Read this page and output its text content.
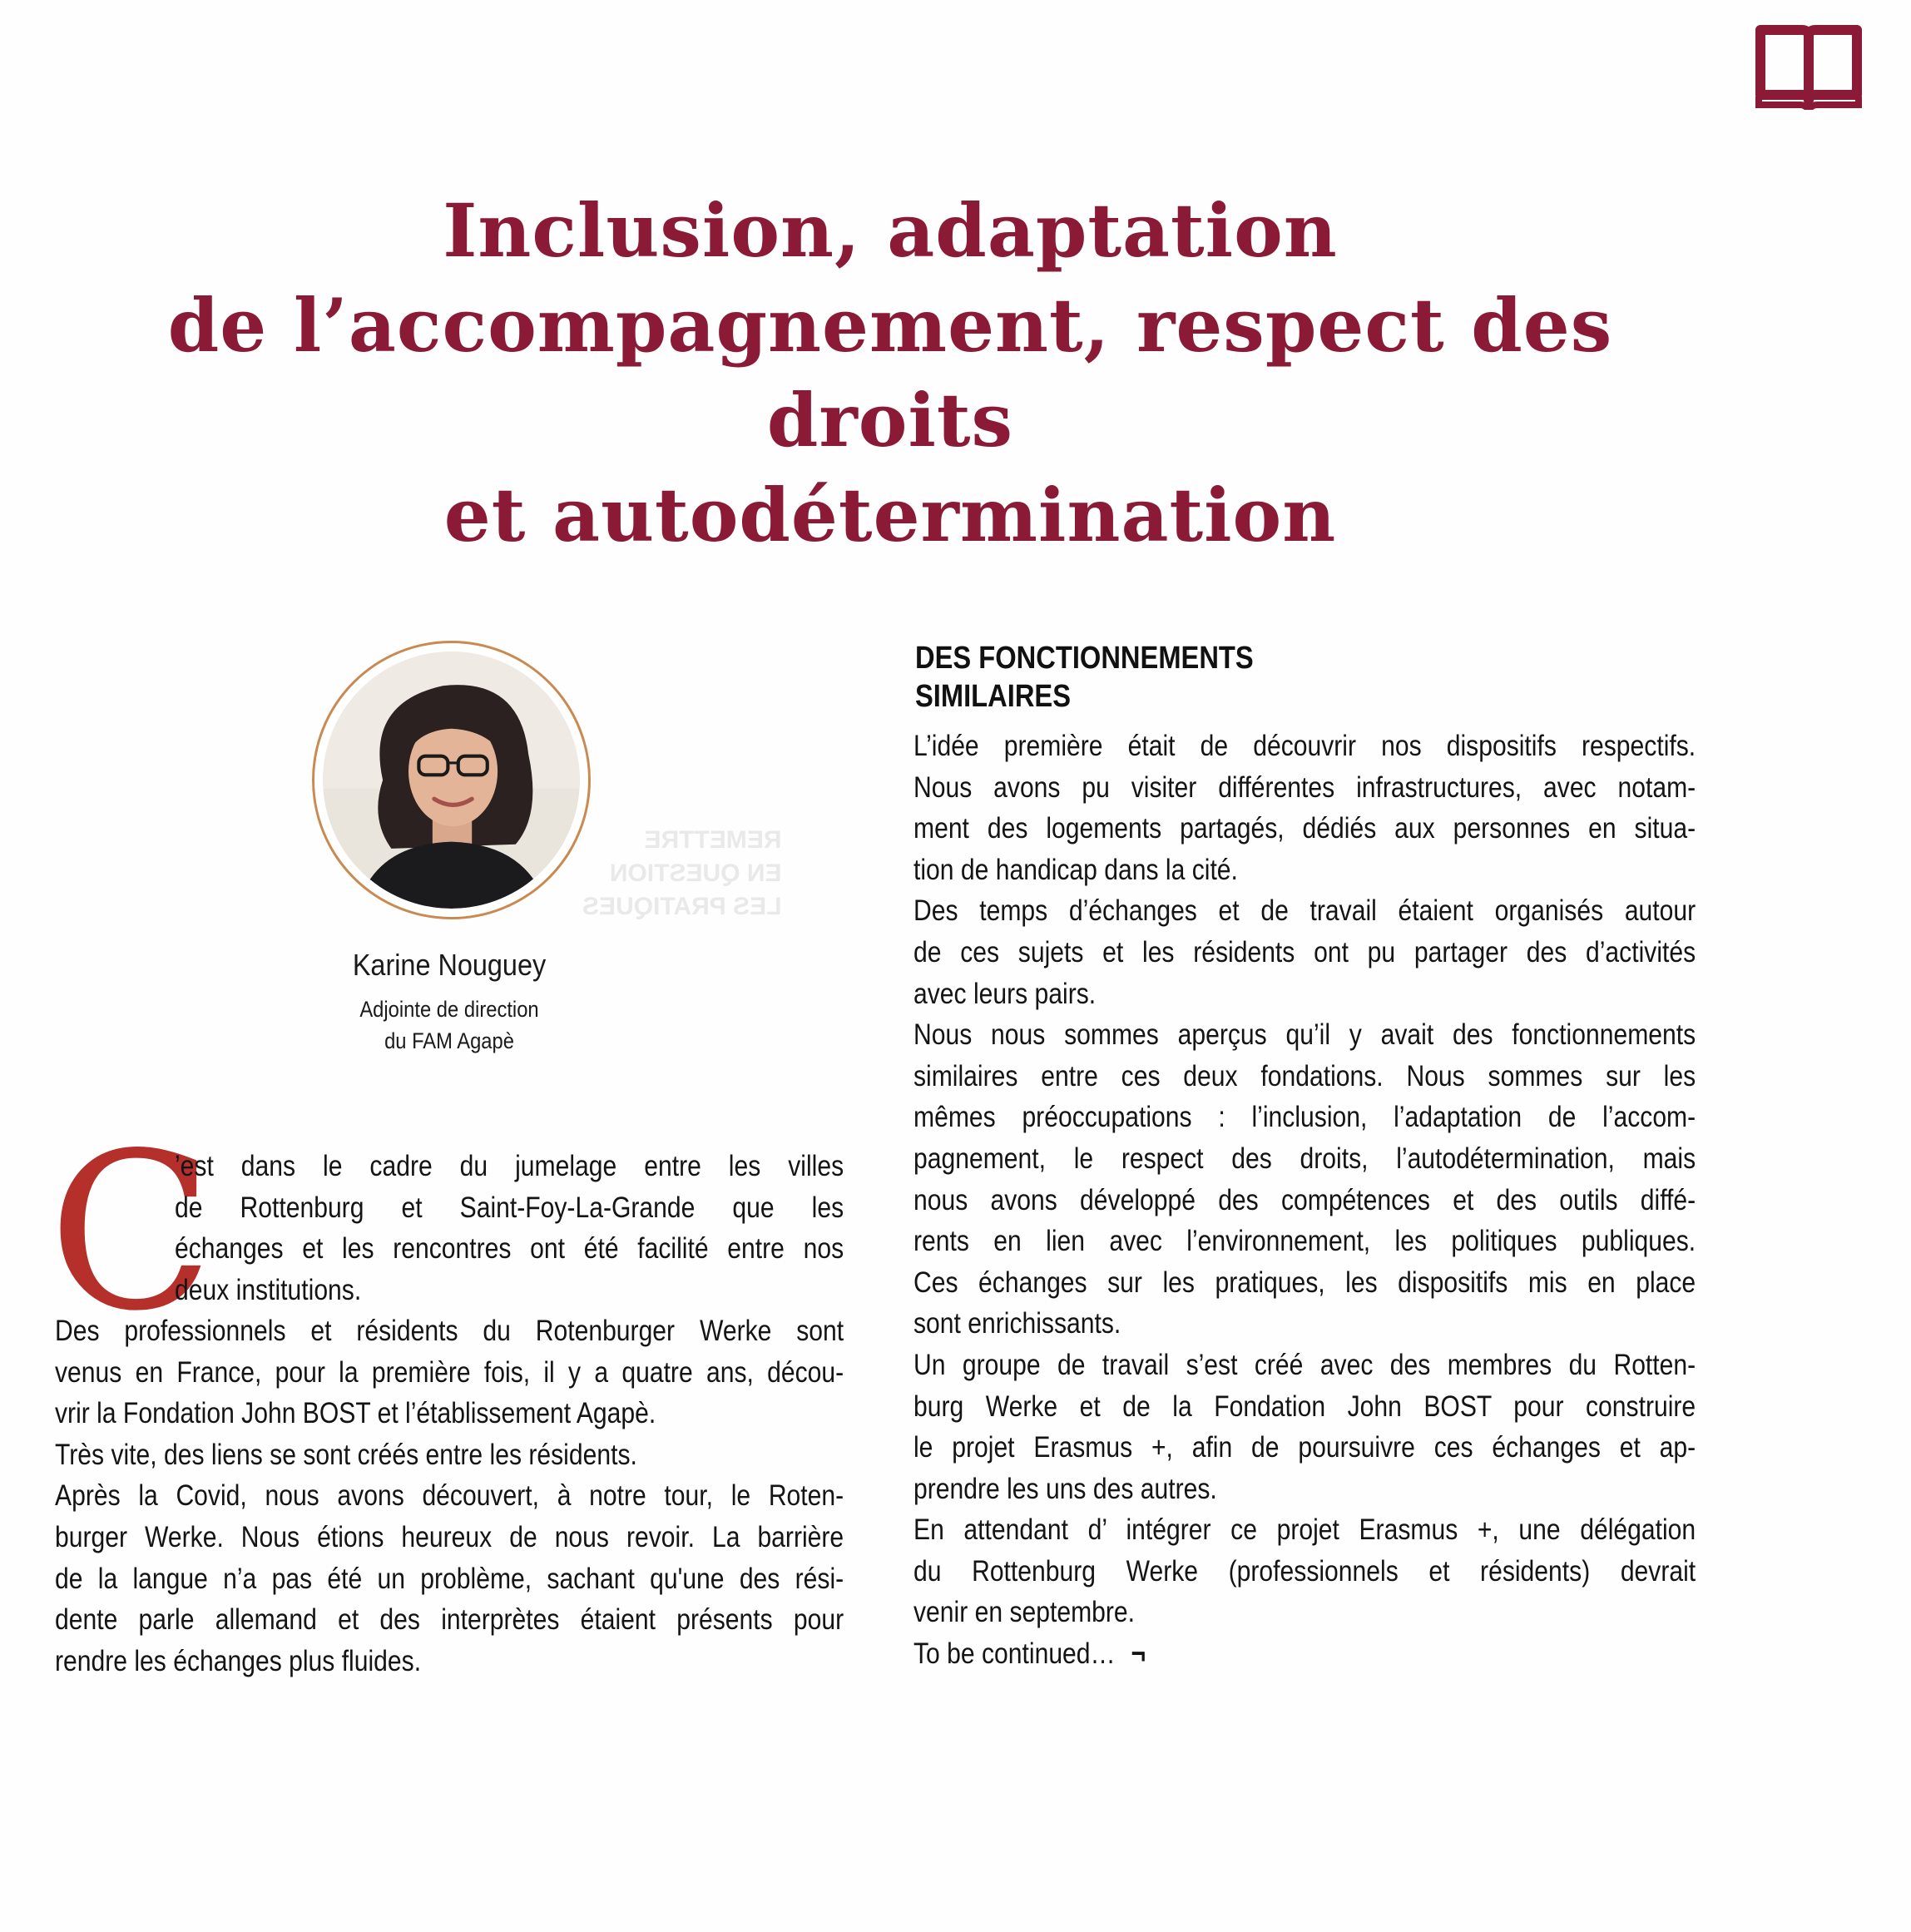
REMETTRE
EN QUESTION
LES PRATIQUES
Inclusion, adaptation
de l’accompagnement, respect des droits
et autodétermination
Karine Nouguey
Adjointe de direction
du FAM Agapè
C
’est dans le cadre du jumelage entre les villes
de Rottenburg et Saint-Foy-La-Grande que les
échanges et les rencontres ont été facilité entre nos
deux institutions.
Des professionnels et résidents du Rotenburger Werke sont
venus en France, pour la première fois, il y a quatre ans, décou-
vrir la Fondation John BOST et l’établissement Agapè.
Très vite, des liens se sont créés entre les résidents.
Après la Covid, nous avons découvert, à notre tour, le Roten-
burger Werke. Nous étions heureux de nous revoir. La barrière
de la langue n’a pas été un problème, sachant qu'une des rési-
dente parle allemand et des interprètes étaient présents pour
rendre les échanges plus fluides.
DES FONCTIONNEMENTS
SIMILAIRES
L’idée première était de découvrir nos dispositifs respectifs.
Nous avons pu visiter différentes infrastructures, avec notam-
ment des logements partagés, dédiés aux personnes en situa-
tion de handicap dans la cité.
Des temps d’échanges et de travail étaient organisés autour
de ces sujets et les résidents ont pu partager des d’activités
avec leurs pairs.
Nous nous sommes aperçus qu’il y avait des fonctionnements
similaires entre ces deux fondations. Nous sommes sur les
mêmes préoccupations : l’inclusion, l’adaptation de l’accom-
pagnement, le respect des droits, l’autodétermination, mais
nous avons développé des compétences et des outils diffé-
rents en lien avec l’environnement, les politiques publiques.
Ces échanges sur les pratiques, les dispositifs mis en place
sont enrichissants.
Un groupe de travail s’est créé avec des membres du Rotten-
burg Werke et de la Fondation John BOST pour construire
le projet Erasmus +, afin de poursuivre ces échanges et ap-
prendre les uns des autres.
En attendant d’ intégrer ce projet Erasmus +, une délégation
du Rottenburg Werke (professionnels et résidents) devrait
venir en septembre.
To be continued… ¬
